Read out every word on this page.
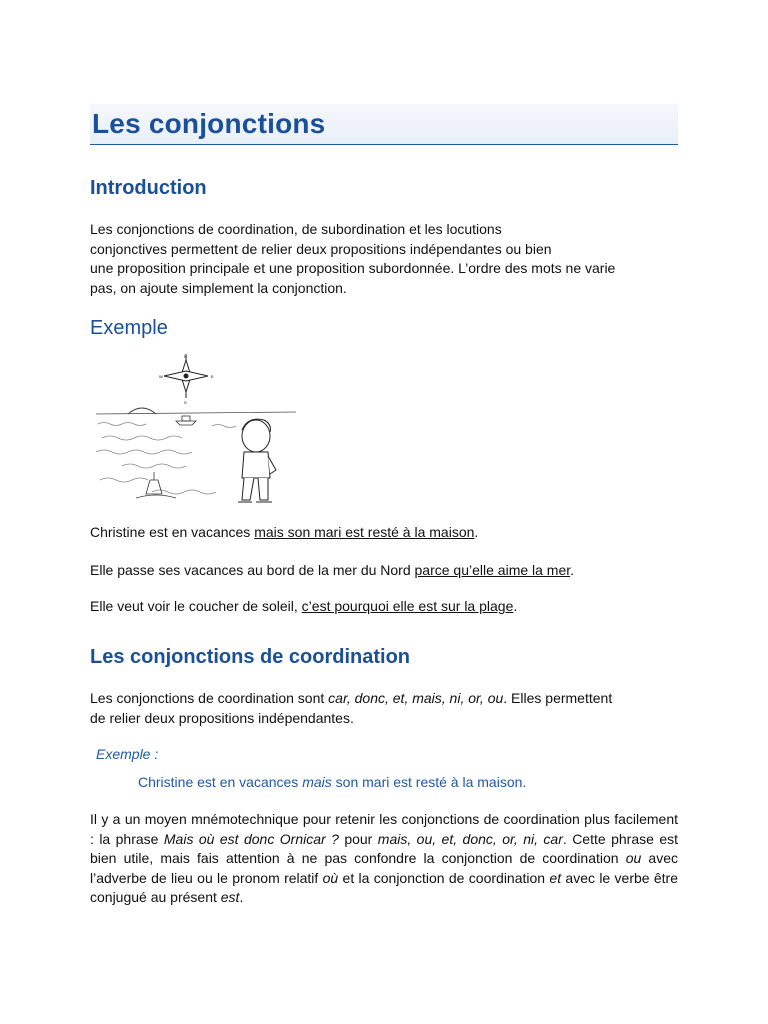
Les conjonctions
Introduction

Les conjonctions de coordination, de subordination et les locutions
conjonctives permettent de relier deux propositions indépendantes ou bien
une proposition principale et une proposition subordonnée. L’ordre des mots ne varie
pas, on ajoute simplement la conjonction.

Exemple
N
S
E
W

Christine est en vacances mais son mari est resté à la maison.

Elle passe ses vacances au bord de la mer du Nord parce qu’elle aime la mer.

Elle veut voir le coucher de soleil, c’est pourquoi elle est sur la plage.

Les conjonctions de coordination

Les conjonctions de coordination sont car, donc, et, mais, ni, or, ou. Elles permettent
de relier deux propositions indépendantes.

Exemple :
Christine est en vacances mais son mari est resté à la maison.

Il y a un moyen mnémotechnique pour retenir les conjonctions de coordination plus facilement : la phrase Mais où est donc Ornicar ? pour mais, ou, et, donc, or, ni, car. Cette phrase est bien utile, mais fais attention à ne pas confondre la conjonction de coordination ou avec l’adverbe de lieu ou le pronom relatif où et la conjonction de coordination et avec le verbe être conjugué au présent est.
